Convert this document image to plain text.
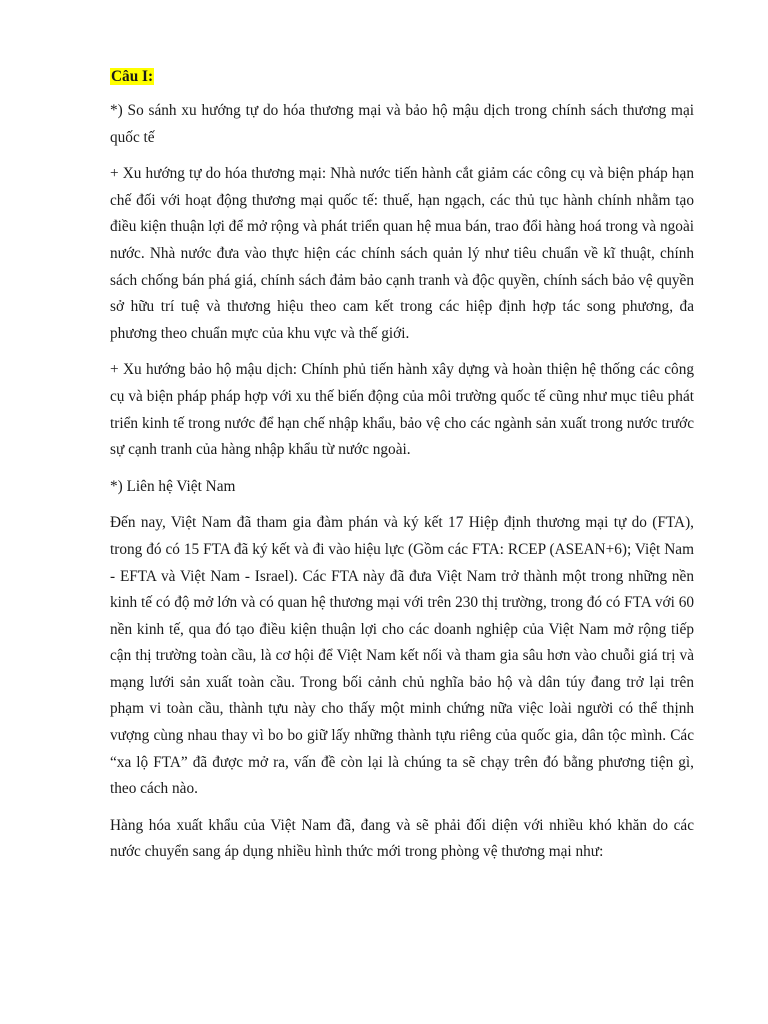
Câu I:

*) So sánh xu hướng tự do hóa thương mại và bảo hộ mậu dịch trong chính sách thương mại quốc tế

+ Xu hướng tự do hóa thương mại: Nhà nước tiến hành cắt giảm các công cụ và biện pháp hạn chế đối với hoạt động thương mại quốc tế: thuế, hạn ngạch, các thủ tục hành chính nhằm tạo điều kiện thuận lợi để mở rộng và phát triển quan hệ mua bán, trao đổi hàng hoá trong và ngoài nước. Nhà nước đưa vào thực hiện các chính sách quản lý như tiêu chuẩn về kĩ thuật, chính sách chống bán phá giá, chính sách đảm bảo cạnh tranh và độc quyền, chính sách bảo vệ quyền sở hữu trí tuệ và thương hiệu theo cam kết trong các hiệp định hợp tác song phương, đa phương theo chuẩn mực của khu vực và thế giới.

+ Xu hướng bảo hộ mậu dịch: Chính phủ tiến hành xây dựng và hoàn thiện hệ thống các công cụ và biện pháp pháp hợp với xu thế biến động của môi trường quốc tế cũng như mục tiêu phát triển kinh tế trong nước để hạn chế nhập khẩu, bảo vệ cho các ngành sản xuất trong nước trước sự cạnh tranh của hàng nhập khẩu từ nước ngoài.

*) Liên hệ Việt Nam

Đến nay, Việt Nam đã tham gia đàm phán và ký kết 17 Hiệp định thương mại tự do (FTA), trong đó có 15 FTA đã ký kết và đi vào hiệu lực (Gồm các FTA: RCEP (ASEAN+6); Việt Nam - EFTA và Việt Nam - Israel). Các FTA này đã đưa Việt Nam trở thành một trong những nền kinh tế có độ mở lớn và có quan hệ thương mại với trên 230 thị trường, trong đó có FTA với 60 nền kinh tế, qua đó tạo điều kiện thuận lợi cho các doanh nghiệp của Việt Nam mở rộng tiếp cận thị trường toàn cầu, là cơ hội để Việt Nam kết nối và tham gia sâu hơn vào chuỗi giá trị và mạng lưới sản xuất toàn cầu. Trong bối cảnh chủ nghĩa bảo hộ và dân túy đang trở lại trên phạm vi toàn cầu, thành tựu này cho thấy một minh chứng nữa việc loài người có thể thịnh vượng cùng nhau thay vì bo bo giữ lấy những thành tựu riêng của quốc gia, dân tộc mình. Các “xa lộ FTA” đã được mở ra, vấn đề còn lại là chúng ta sẽ chạy trên đó bằng phương tiện gì, theo cách nào.

Hàng hóa xuất khẩu của Việt Nam đã, đang và sẽ phải đối diện với nhiều khó khăn do các nước chuyển sang áp dụng nhiều hình thức mới trong phòng vệ thương mại như:
